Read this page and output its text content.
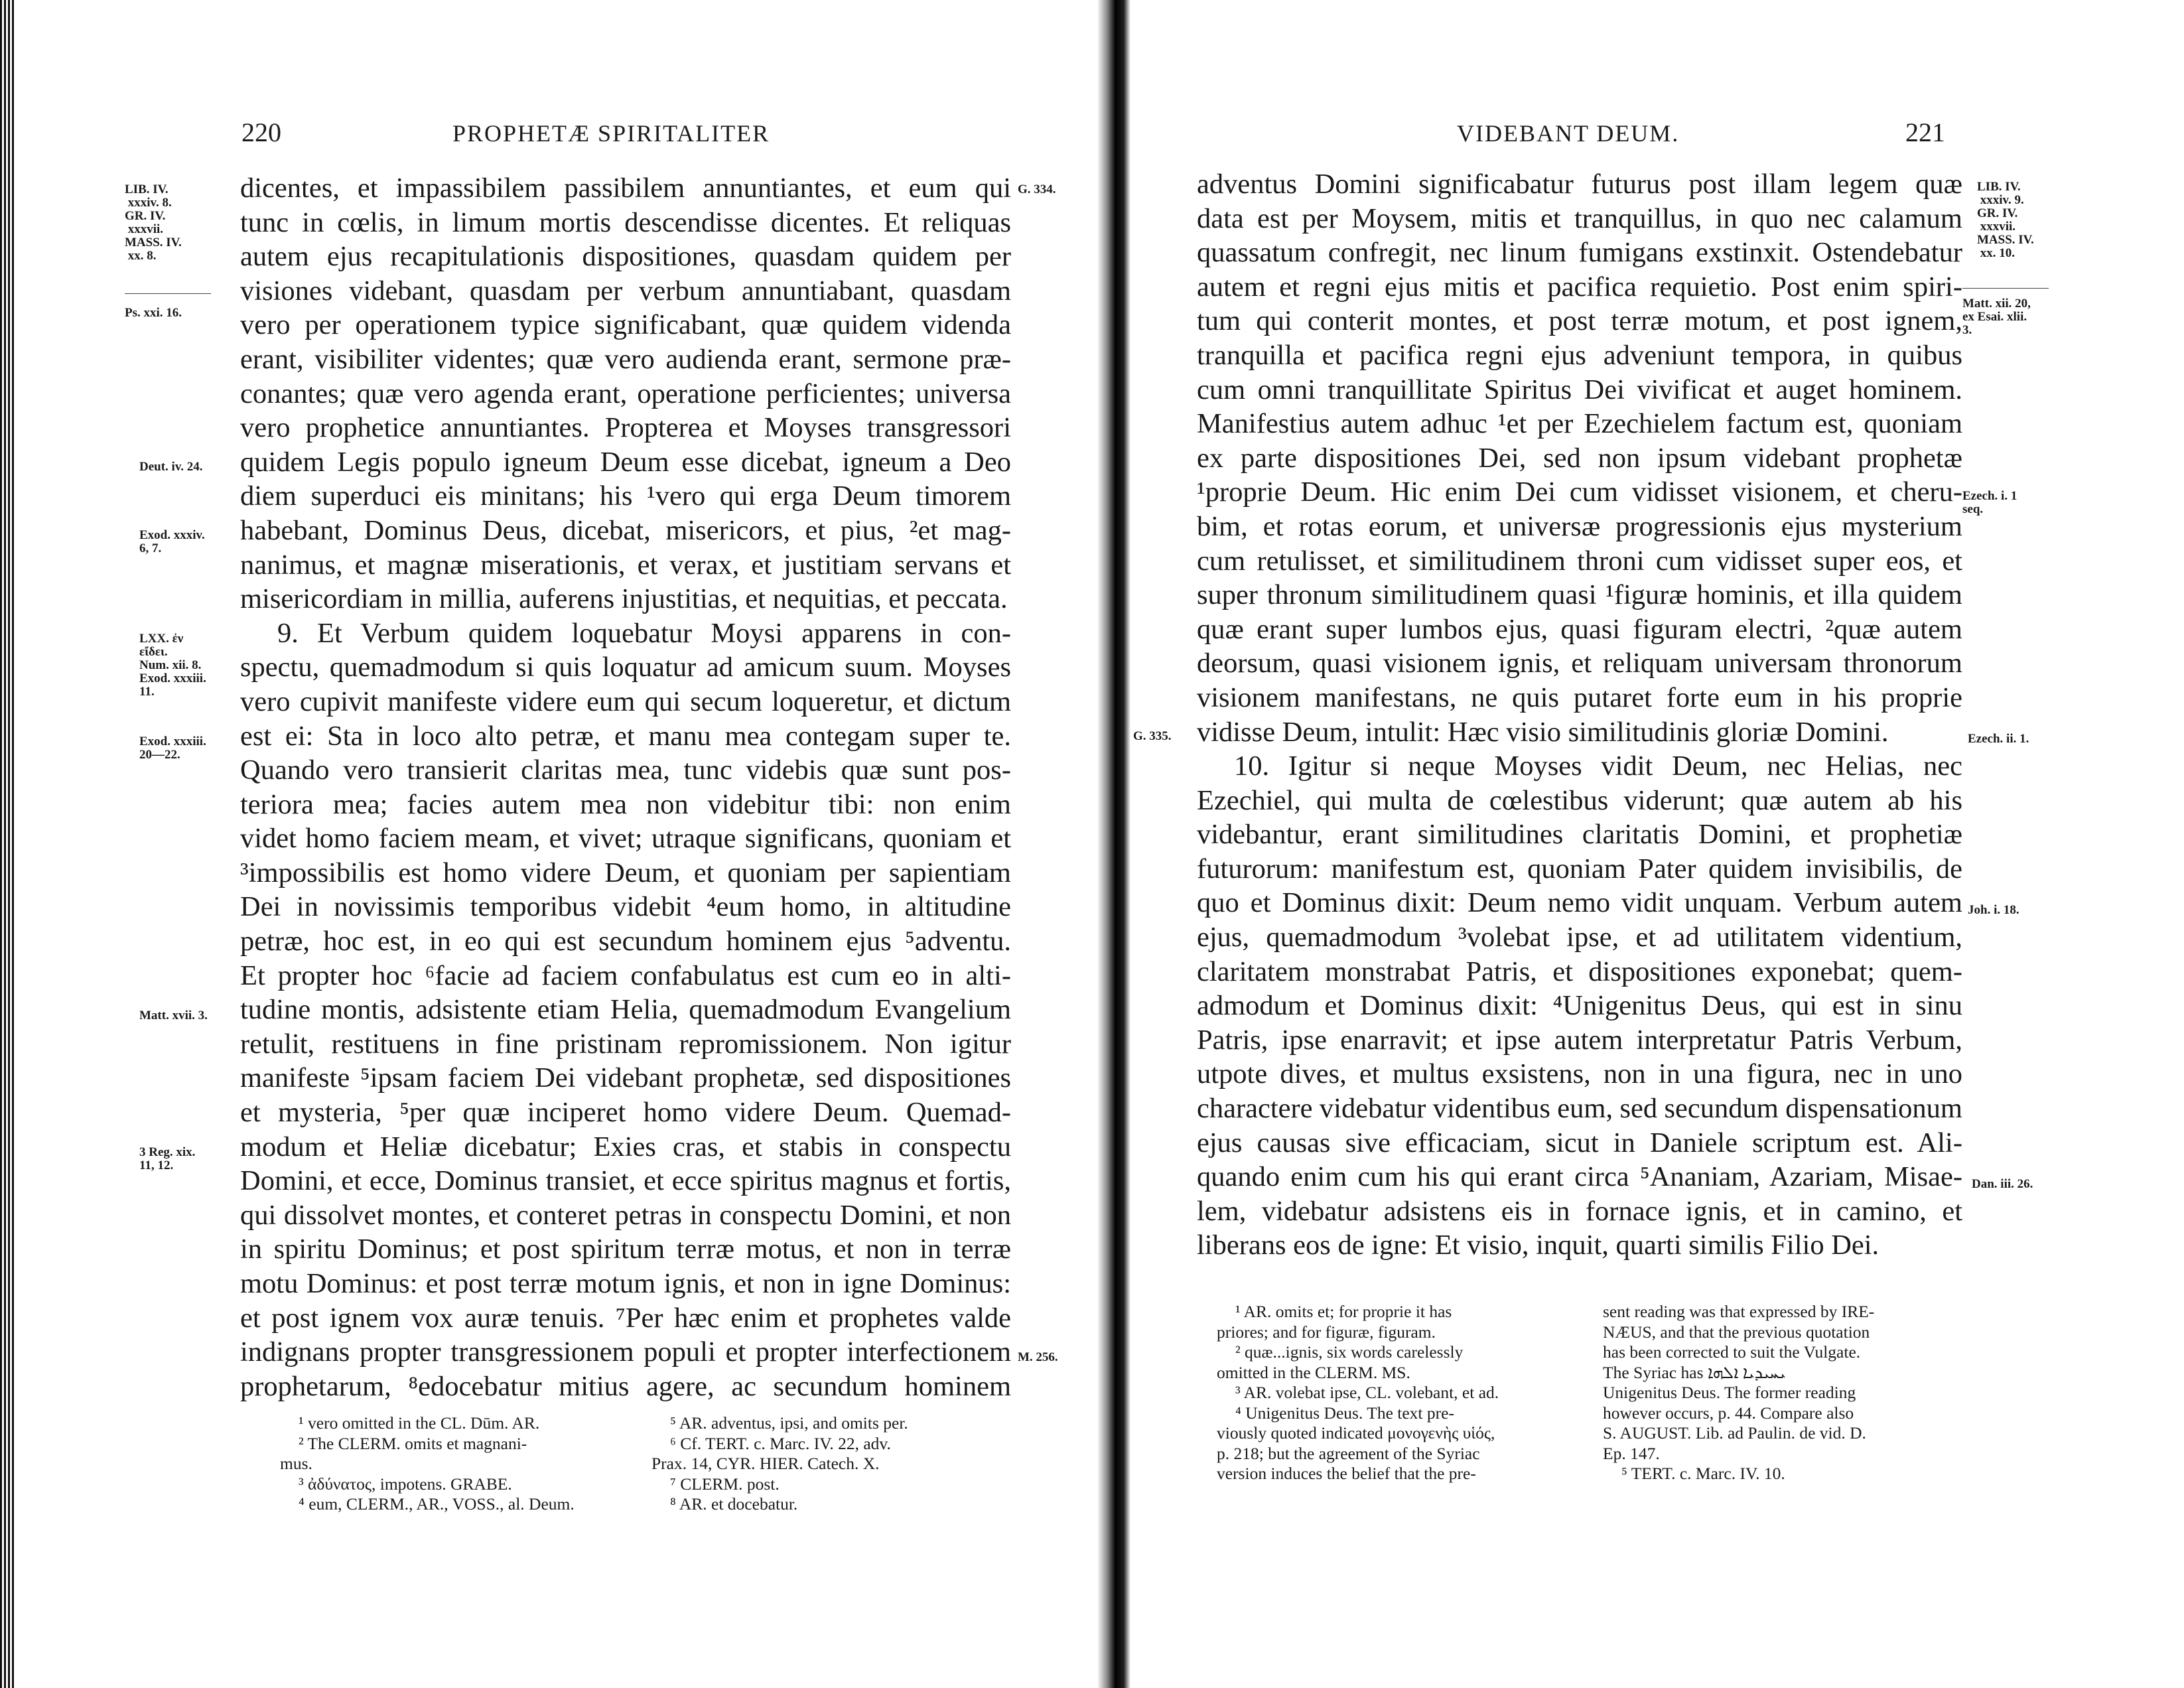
220	PROPHETÆ SPIRITALITER
LIB. IV.
xxxiv. 8.
GR. IV.
xxxvii.
MASS. IV.
xx. 8.
Ps. xxi. 16.
Deut. iv. 24.
Exod. xxxiv.
6, 7.
LXX. ἐν
εἴδει.
Num. xii. 8.
Exod. xxxiii.
11.
Exod. xxxiii.
20—22.
Matt. xvii. 3.
3 Reg. xix.
11, 12.
G. 334.
M. 256.
dicentes, et impassibilem passibilem annuntiantes, et eum qui
tunc in cœlis, in limum mortis descendisse dicentes. Et reliquas
autem ejus recapitulationis dispositiones, quasdam quidem per
visiones videbant, quasdam per verbum annuntiabant, quasdam
vero per operationem typice significabant, quæ quidem videnda
erant, visibiliter videntes; quæ vero audienda erant, sermone præ-
conantes; quæ vero agenda erant, operatione perficientes; universa
vero prophetice annuntiantes. Propterea et Moyses transgressori
quidem Legis populo igneum Deum esse dicebat, igneum a Deo
diem superduci eis minitans; his ¹vero qui erga Deum timorem
habebant, Dominus Deus, dicebat, misericors, et pius, ²et mag-
nanimus, et magnæ miserationis, et verax, et justitiam servans et
misericordiam in millia, auferens injustitias, et nequitias, et peccata.
9. Et Verbum quidem loquebatur Moysi apparens in con-
spectu, quemadmodum si quis loquatur ad amicum suum. Moyses
vero cupivit manifeste videre eum qui secum loqueretur, et dictum
est ei: Sta in loco alto petræ, et manu mea contegam super te.
Quando vero transierit claritas mea, tunc videbis quæ sunt pos-
teriora mea; facies autem mea non videbitur tibi: non enim
videt homo faciem meam, et vivet; utraque significans, quoniam et
³impossibilis est homo videre Deum, et quoniam per sapientiam
Dei in novissimis temporibus videbit ⁴eum homo, in altitudine
petræ, hoc est, in eo qui est secundum hominem ejus ⁵adventu.
Et propter hoc ⁶facie ad faciem confabulatus est cum eo in alti-
tudine montis, adsistente etiam Helia, quemadmodum Evangelium
retulit, restituens in fine pristinam repromissionem. Non igitur
manifeste ⁵ipsam faciem Dei videbant prophetæ, sed dispositiones
et mysteria, ⁵per quæ inciperet homo videre Deum. Quemad-
modum et Heliæ dicebatur; Exies cras, et stabis in conspectu
Domini, et ecce, Dominus transiet, et ecce spiritus magnus et fortis,
qui dissolvet montes, et conteret petras in conspectu Domini, et non
in spiritu Dominus; et post spiritum terræ motus, et non in terræ
motu Dominus: et post terræ motum ignis, et non in igne Dominus:
et post ignem vox auræ tenuis. ⁷Per hæc enim et prophetes valde
indignans propter transgressionem populi et propter interfectionem
prophetarum, ⁸edocebatur mitius agere, ac secundum hominem
¹ vero omitted in the CL. Dūm. AR.
² The CLERM. omits et magnani-
mus.
³ ἀδύνατος, impotens. GRABE.
⁴ eum, CLERM., AR., VOSS., al. Deum.
⁵ AR. adventus, ipsi, and omits per.
⁶ Cf. TERT. c. Marc. IV. 22, adv.
Prax. 14, CYR. HIER. Catech. X.
⁷ CLERM. post.
⁸ AR. et docebatur.
VIDEBANT DEUM.	221
G. 335.
LIB. IV.
xxxiv. 9.
GR. IV.
xxxvii.
MASS. IV.
xx. 10.
Matt. xii. 20,
ex Esai. xlii.
3.
Ezech. i. 1
seq.
Ezech. ii. 1.
Joh. i. 18.
Dan. iii. 26.
adventus Domini significabatur futurus post illam legem quæ
data est per Moysem, mitis et tranquillus, in quo nec calamum
quassatum confregit, nec linum fumigans exstinxit. Ostendebatur
autem et regni ejus mitis et pacifica requietio. Post enim spiri-
tum qui conterit montes, et post terræ motum, et post ignem,
tranquilla et pacifica regni ejus adveniunt tempora, in quibus
cum omni tranquillitate Spiritus Dei vivificat et auget hominem.
Manifestius autem adhuc ¹et per Ezechielem factum est, quoniam
ex parte dispositiones Dei, sed non ipsum videbant prophetæ
¹proprie Deum. Hic enim Dei cum vidisset visionem, et cheru-
bim, et rotas eorum, et universæ progressionis ejus mysterium
cum retulisset, et similitudinem throni cum vidisset super eos, et
super thronum similitudinem quasi ¹figuræ hominis, et illa quidem
quæ erant super lumbos ejus, quasi figuram electri, ²quæ autem
deorsum, quasi visionem ignis, et reliquam universam thronorum
visionem manifestans, ne quis putaret forte eum in his proprie
vidisse Deum, intulit: Hæc visio similitudinis gloriæ Domini.
10. Igitur si neque Moyses vidit Deum, nec Helias, nec
Ezechiel, qui multa de cœlestibus viderunt; quæ autem ab his
videbantur, erant similitudines claritatis Domini, et prophetiæ
futurorum: manifestum est, quoniam Pater quidem invisibilis, de
quo et Dominus dixit: Deum nemo vidit unquam. Verbum autem
ejus, quemadmodum ³volebat ipse, et ad utilitatem videntium,
claritatem monstrabat Patris, et dispositiones exponebat; quem-
admodum et Dominus dixit: ⁴Unigenitus Deus, qui est in sinu
Patris, ipse enarravit; et ipse autem interpretatur Patris Verbum,
utpote dives, et multus exsistens, non in una figura, nec in uno
charactere videbatur videntibus eum, sed secundum dispensationum
ejus causas sive efficaciam, sicut in Daniele scriptum est. Ali-
quando enim cum his qui erant circa ⁵Ananiam, Azariam, Misae-
lem, videbatur adsistens eis in fornace ignis, et in camino, et
liberans eos de igne: Et visio, inquit, quarti similis Filio Dei.
¹ AR. omits et; for proprie it has
priores; and for figuræ, figuram.
² quæ...ignis, six words carelessly
omitted in the CLERM. MS.
³ AR. volebat ipse, CL. volebant, et ad.
⁴ Unigenitus Deus. The text pre-
viously quoted indicated μονογενὴς υἱός,
p. 218; but the agreement of the Syriac
version induces the belief that the pre-
sent reading was that expressed by IRE-
NÆUS, and that the previous quotation
has been corrected to suit the Vulgate.
The Syriac has ܝܚܝܕܝܐ ܐܠܗܐ
Unigenitus Deus. The former reading
however occurs, p. 44. Compare also
S. AUGUST. Lib. ad Paulin. de vid. D.
Ep. 147.
⁵ TERT. c. Marc. IV. 10.
